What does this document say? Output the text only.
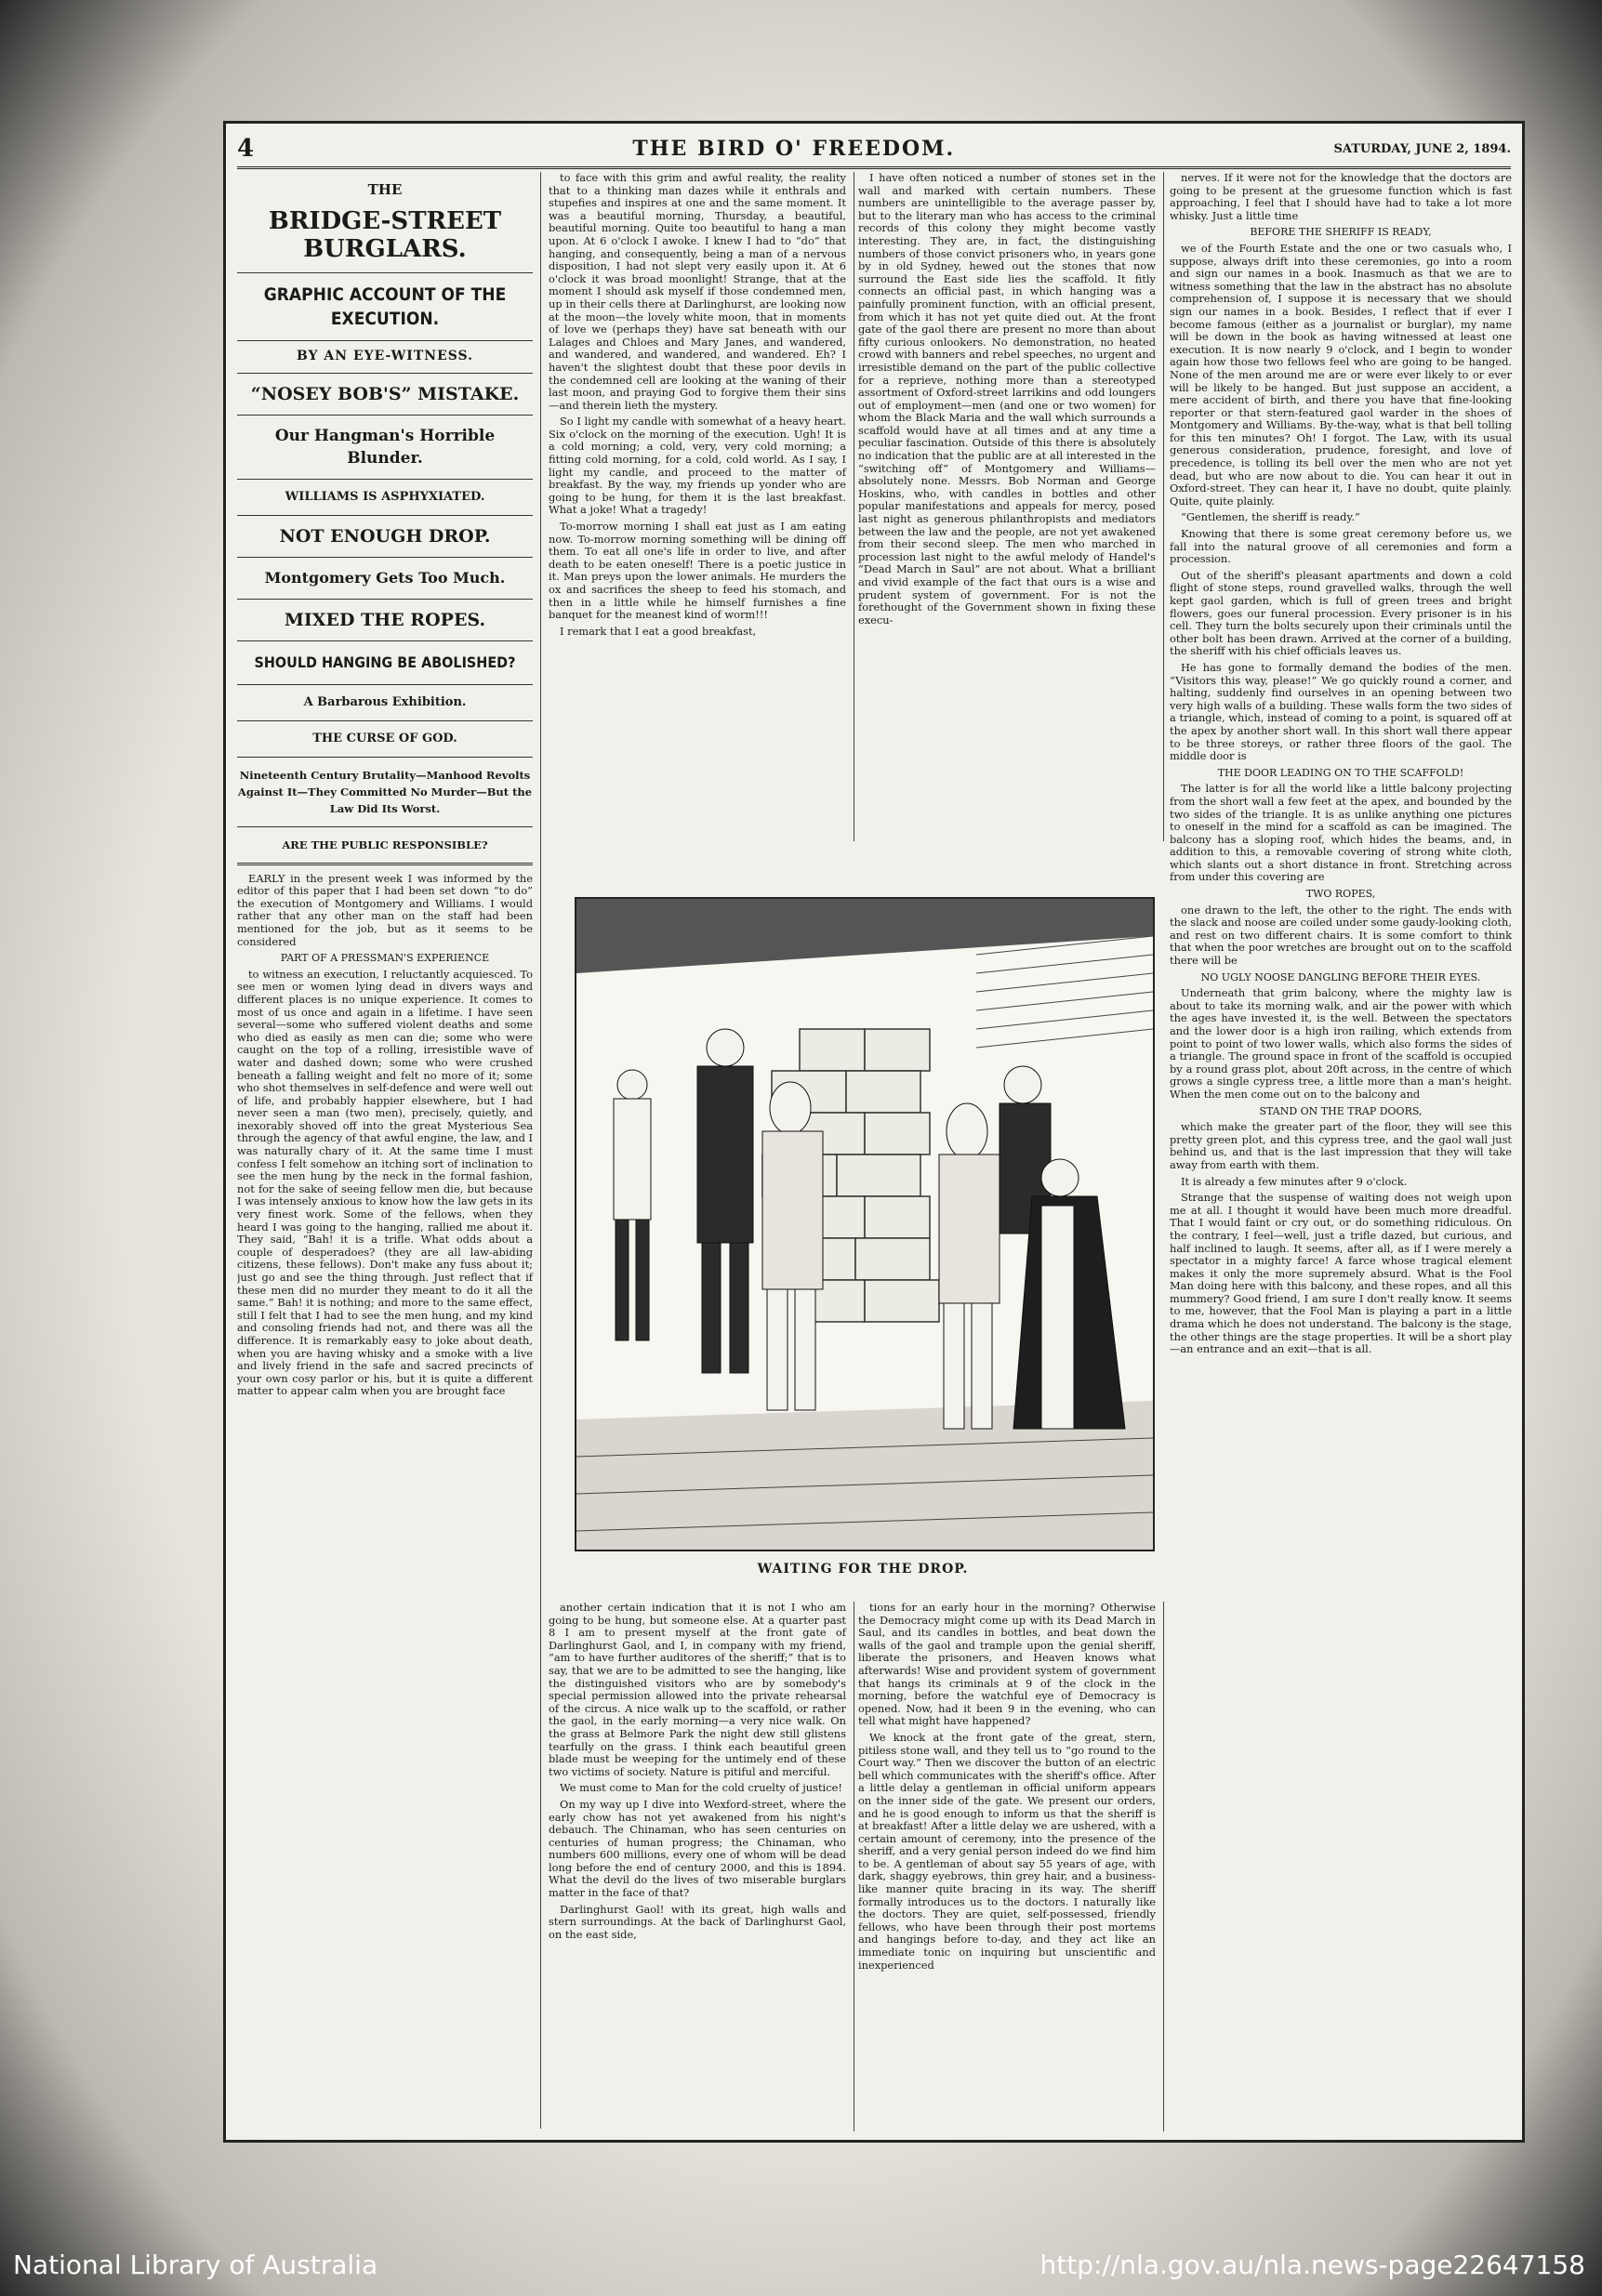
4	THE BIRD O' FREEDOM.	SATURDAY, JUNE 2, 1894.
THE
BRIDGE-STREET BURGLARS.
GRAPHIC ACCOUNT OF THE EXECUTION.
BY AN EYE-WITNESS.
“NOSEY BOB'S” MISTAKE.
Our Hangman's Horrible Blunder.
WILLIAMS IS ASPHYXIATED.
NOT ENOUGH DROP.
Montgomery Gets Too Much.
MIXED THE ROPES.
SHOULD HANGING BE ABOLISHED?
A Barbarous Exhibition.
THE CURSE OF GOD.
Nineteenth Century Brutality—Manhood Revolts Against It—They Committed No Murder—But the Law Did Its Worst.
ARE THE PUBLIC RESPONSIBLE?

EARLY in the present week I was informed by the editor of this paper that I had been set down “to do” the execution of Montgomery and Williams. I would rather that any other man on the staff had been mentioned for the job, but as it seems to be considered

PART OF A PRESSMAN'S EXPERIENCE

to witness an execution, I reluctantly acquiesced. To see men or women lying dead in divers ways and different places is no unique experience. It comes to most of us once and again in a lifetime. I have seen several—some who suffered violent deaths and some who died as easily as men can die; some who were caught on the top of a rolling, irresistible wave of water and dashed down; some who were crushed beneath a falling weight and felt no more of it; some who shot themselves in self-defence and were well out of life, and probably happier elsewhere, but I had never seen a man (two men), precisely, quietly, and inexorably shoved off into the great Mysterious Sea through the agency of that awful engine, the law, and I was naturally chary of it. At the same time I must confess I felt somehow an itching sort of inclination to see the men hung by the neck in the formal fashion, not for the sake of seeing fellow men die, but because I was intensely anxious to know how the law gets in its very finest work. Some of the fellows, when they heard I was going to the hanging, rallied me about it. They said, “Bah! it is a trifle. What odds about a couple of desperadoes? (they are all law-abiding citizens, these fellows). Don't make any fuss about it; just go and see the thing through. Just reflect that if these men did no murder they meant to do it all the same.” Bah! it is nothing; and more to the same effect, still I felt that I had to see the men hung, and my kind and consoling friends had not, and there was all the difference. It is remarkably easy to joke about death, when you are having whisky and a smoke with a live and lively friend in the safe and sacred precincts of your own cosy parlor or his, but it is quite a different matter to appear calm when you are brought face

to face with this grim and awful reality, the reality that to a thinking man dazes while it enthrals and stupefies and inspires at one and the same moment. It was a beautiful morning, Thursday, a beautiful, beautiful morning. Quite too beautiful to hang a man upon. At 6 o'clock I awoke. I knew I had to “do” that hanging, and consequently, being a man of a nervous disposition, I had not slept very easily upon it. At 6 o'clock it was broad moonlight! Strange, that at the moment I should ask myself if those condemned men, up in their cells there at Darlinghurst, are looking now at the moon—the lovely white moon, that in moments of love we (perhaps they) have sat beneath with our Lalages and Chloes and Mary Janes, and wandered, and wandered, and wandered, and wandered. Eh? I haven't the slightest doubt that these poor devils in the condemned cell are looking at the waning of their last moon, and praying God to forgive them their sins—and therein lieth the mystery.

So I light my candle with somewhat of a heavy heart. Six o'clock on the morning of the execution. Ugh! It is a cold morning; a cold, very, very cold morning; a fitting cold morning, for a cold, cold world. As I say, I light my candle, and proceed to the matter of breakfast. By the way, my friends up yonder who are going to be hung, for them it is the last breakfast. What a joke! What a tragedy!

To-morrow morning I shall eat just as I am eating now. To-morrow morning something will be dining off them. To eat all one's life in order to live, and after death to be eaten oneself! There is a poetic justice in it. Man preys upon the lower animals. He murders the ox and sacrifices the sheep to feed his stomach, and then in a little while he himself furnishes a fine banquet for the meanest kind of worm!!!

I remark that I eat a good breakfast,

I have often noticed a number of stones set in the wall and marked with certain numbers. These numbers are unintelligible to the average passer by, but to the literary man who has access to the criminal records of this colony they might become vastly interesting. They are, in fact, the distinguishing numbers of those convict prisoners who, in years gone by in old Sydney, hewed out the stones that now surround the East side lies the scaffold. It fitly connects an official past, in which hanging was a painfully prominent function, with an official present, from which it has not yet quite died out. At the front gate of the gaol there are present no more than about fifty curious onlookers. No demonstration, no heated crowd with banners and rebel speeches, no urgent and irresistible demand on the part of the public collective for a reprieve, nothing more than a stereotyped assortment of Oxford-street larrikins and odd loungers out of employment—men (and one or two women) for whom the Black Maria and the wall which surrounds a scaffold would have at all times and at any time a peculiar fascination. Outside of this there is absolutely no indication that the public are at all interested in the “switching off” of Montgomery and Williams—absolutely none. Messrs. Bob Norman and George Hoskins, who, with candles in bottles and other popular manifestations and appeals for mercy, posed last night as generous philanthropists and mediators between the law and the people, are not yet awakened from their second sleep. The men who marched in procession last night to the awful melody of Handel's “Dead March in Saul” are not about. What a brilliant and vivid example of the fact that ours is a wise and prudent system of government. For is not the forethought of the Government shown in fixing these execu-

nerves. If it were not for the knowledge that the doctors are going to be present at the gruesome function which is fast approaching, I feel that I should have had to take a lot more whisky. Just a little time

BEFORE THE SHERIFF IS READY,

we of the Fourth Estate and the one or two casuals who, I suppose, always drift into these ceremonies, go into a room and sign our names in a book. Inasmuch as that we are to witness something that the law in the abstract has no absolute comprehension of, I suppose it is necessary that we should sign our names in a book. Besides, I reflect that if ever I become famous (either as a journalist or burglar), my name will be down in the book as having witnessed at least one execution. It is now nearly 9 o'clock, and I begin to wonder again how those two fellows feel who are going to be hanged. None of the men around me are or were ever likely to or ever will be likely to be hanged. But just suppose an accident, a mere accident of birth, and there you have that fine-looking reporter or that stern-featured gaol warder in the shoes of Montgomery and Williams. By-the-way, what is that bell tolling for this ten minutes? Oh! I forgot. The Law, with its usual generous consideration, prudence, foresight, and love of precedence, is tolling its bell over the men who are not yet dead, but who are now about to die. You can hear it out in Oxford-street. They can hear it, I have no doubt, quite plainly. Quite, quite plainly.

“Gentlemen, the sheriff is ready.”

Knowing that there is some great ceremony before us, we fall into the natural groove of all ceremonies and form a procession.

Out of the sheriff's pleasant apartments and down a cold flight of stone steps, round gravelled walks, through the well kept gaol garden, which is full of green trees and bright flowers, goes our funeral procession. Every prisoner is in his cell. They turn the bolts securely upon their criminals until the other bolt has been drawn. Arrived at the corner of a building, the sheriff with his chief officials leaves us.

He has gone to formally demand the bodies of the men. “Visitors this way, please!” We go quickly round a corner, and halting, suddenly find ourselves in an opening between two very high walls of a building. These walls form the two sides of a triangle, which, instead of coming to a point, is squared off at the apex by another short wall. In this short wall there appear to be three storeys, or rather three floors of the gaol. The middle door is

THE DOOR LEADING ON TO THE SCAFFOLD!

The latter is for all the world like a little balcony projecting from the short wall a few feet at the apex, and bounded by the two sides of the triangle. It is as unlike anything one pictures to oneself in the mind for a scaffold as can be imagined. The balcony has a sloping roof, which hides the beams, and, in addition to this, a removable covering of strong white cloth, which slants out a short distance in front. Stretching across from under this covering are

TWO ROPES,

one drawn to the left, the other to the right. The ends with the slack and noose are coiled under some gaudy-looking cloth, and rest on two different chairs. It is some comfort to think that when the poor wretches are brought out on to the scaffold there will be

NO UGLY NOOSE DANGLING BEFORE THEIR EYES.

Underneath that grim balcony, where the mighty law is about to take its morning walk, and air the power with which the ages have invested it, is the well. Between the spectators and the lower door is a high iron railing, which extends from point to point of two lower walls, which also forms the sides of a triangle. The ground space in front of the scaffold is occupied by a round grass plot, about 20ft across, in the centre of which grows a single cypress tree, a little more than a man's height. When the men come out on to the balcony and

STAND ON THE TRAP DOORS,

which make the greater part of the floor, they will see this pretty green plot, and this cypress tree, and the gaol wall just behind us, and that is the last impression that they will take away from earth with them.

It is already a few minutes after 9 o'clock.

Strange that the suspense of waiting does not weigh upon me at all. I thought it would have been much more dreadful. That I would faint or cry out, or do something ridiculous. On the contrary, I feel—well, just a trifle dazed, but curious, and half inclined to laugh. It seems, after all, as if I were merely a spectator in a mighty farce! A farce whose tragical element makes it only the more supremely absurd. What is the Fool Man doing here with this balcony, and these ropes, and all this mummery? Good friend, I am sure I don't really know. It seems to me, however, that the Fool Man is playing a part in a little drama which he does not understand. The balcony is the stage, the other things are the stage properties. It will be a short play—an entrance and an exit—that is all.

another certain indication that it is not I who am going to be hung, but someone else. At a quarter past 8 I am to present myself at the front gate of Darlinghurst Gaol, and I, in company with my friend, “am to have further auditores of the sheriff;” that is to say, that we are to be admitted to see the hanging, like the distinguished visitors who are by somebody's special permission allowed into the private rehearsal of the circus. A nice walk up to the scaffold, or rather the gaol, in the early morning—a very nice walk. On the grass at Belmore Park the night dew still glistens tearfully on the grass. I think each beautiful green blade must be weeping for the untimely end of these two victims of society. Nature is pitiful and merciful.

We must come to Man for the cold cruelty of justice!

On my way up I dive into Wexford-street, where the early chow has not yet awakened from his night's debauch. The Chinaman, who has seen centuries on centuries of human progress; the Chinaman, who numbers 600 millions, every one of whom will be dead long before the end of century 2000, and this is 1894. What the devil do the lives of two miserable burglars matter in the face of that?

Darlinghurst Gaol! with its great, high walls and stern surroundings. At the back of Darlinghurst Gaol, on the east side,

tions for an early hour in the morning? Otherwise the Democracy might come up with its Dead March in Saul, and its candles in bottles, and beat down the walls of the gaol and trample upon the genial sheriff, liberate the prisoners, and Heaven knows what afterwards! Wise and provident system of government that hangs its criminals at 9 of the clock in the morning, before the watchful eye of Democracy is opened. Now, had it been 9 in the evening, who can tell what might have happened?

We knock at the front gate of the great, stern, pitiless stone wall, and they tell us to “go round to the Court way.” Then we discover the button of an electric bell which communicates with the sheriff's office. After a little delay a gentleman in official uniform appears on the inner side of the gate. We present our orders, and he is good enough to inform us that the sheriff is at breakfast! After a little delay we are ushered, with a certain amount of ceremony, into the presence of the sheriff, and a very genial person indeed do we find him to be. A gentleman of about say 55 years of age, with dark, shaggy eyebrows, thin grey hair, and a business-like manner quite bracing in its way. The sheriff formally introduces us to the doctors. I naturally like the doctors. They are quiet, self-possessed, friendly fellows, who have been through their post mortems and hangings before to-day, and they act like an immediate tonic on inquiring but unscientific and inexperienced

WAITING FOR THE DROP.
National Library of Australia	http://nla.gov.au/nla.news-page22647158
